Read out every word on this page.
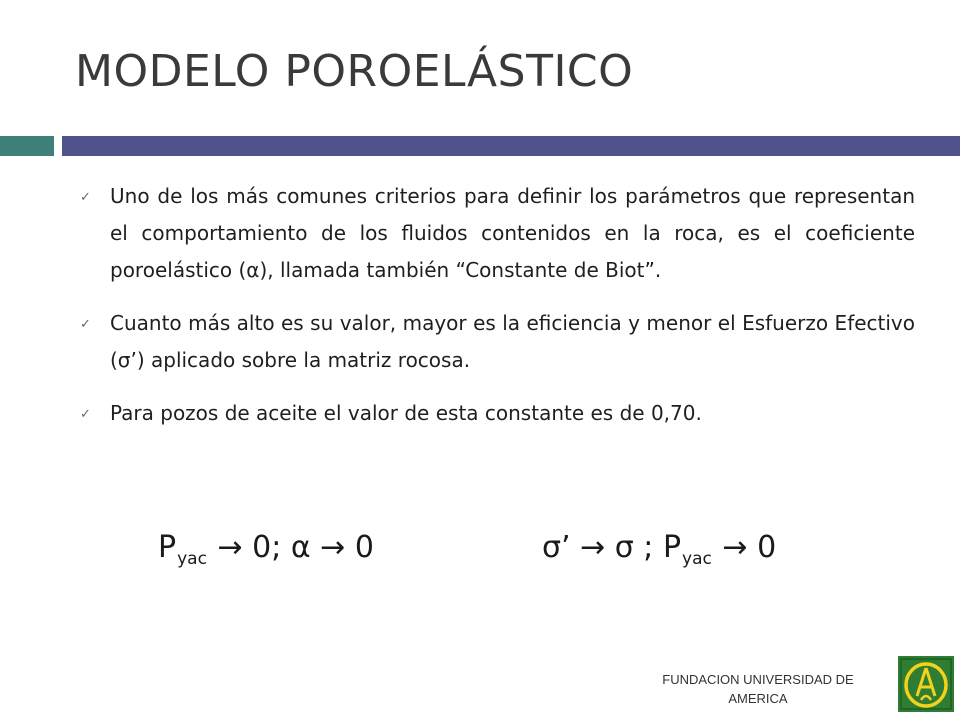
MODELO POROELÁSTICO
✓ Uno de los más comunes criterios para definir los parámetros que representan el comportamiento de los fluidos contenidos en la roca, es el coeficiente poroelástico (α), llamada también “Constante de Biot”.
✓ Cuanto más alto es su valor, mayor es la eficiencia y menor el Esfuerzo Efectivo (σ’) aplicado sobre la matriz rocosa.
✓ Para pozos de aceite el valor de esta constante es de 0,70.
$P_{yac} \to 0$; α → 0	σ’ → σ ; $P_{yac} \to 0$
FUNDACION UNIVERSIDAD DE
AMERICA
